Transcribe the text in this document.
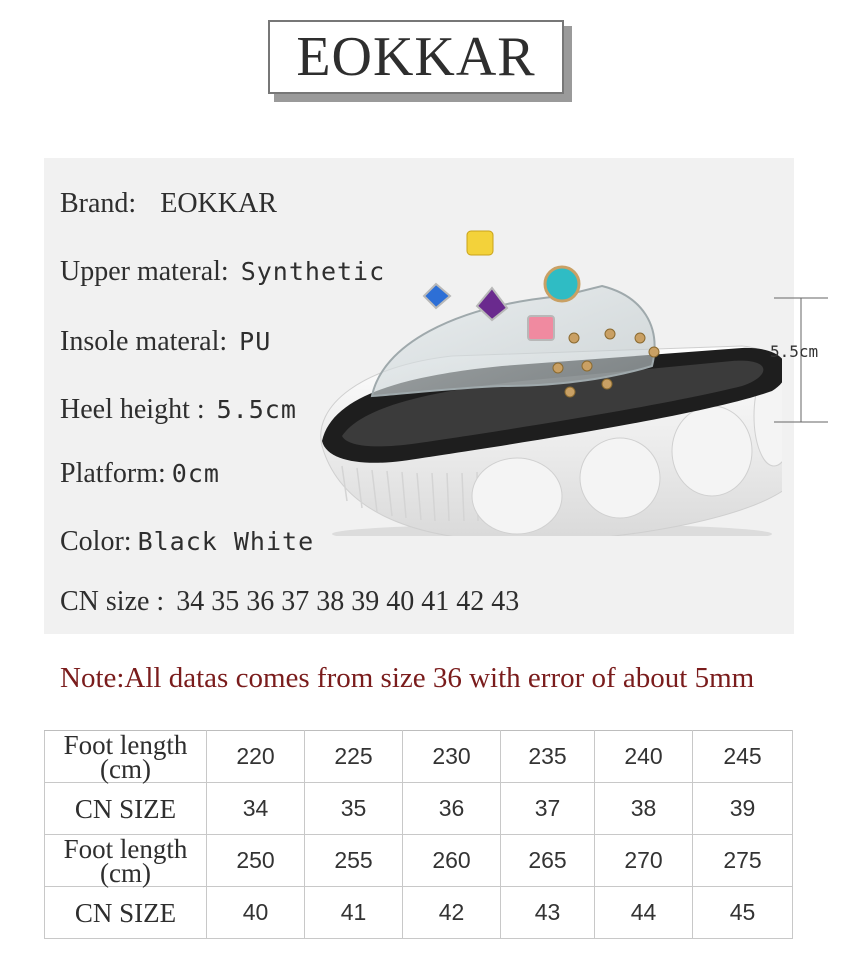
EOKKAR
5.5cm
Brand: EOKKAR
Upper materal: Synthetic
Insole materal: PU
Heel height : 5.5cm
Platform: 0cm
Color: Black White
CN size : 34 35 36 37 38 39 40 41 42 43
Note:All datas comes from size 36 with error of about 5mm
Foot length
(cm)	220	225	230	235	240	245
CN SIZE	34	35	36	37	38	39
Foot length
(cm)	250	255	260	265	270	275
CN SIZE	40	41	42	43	44	45
